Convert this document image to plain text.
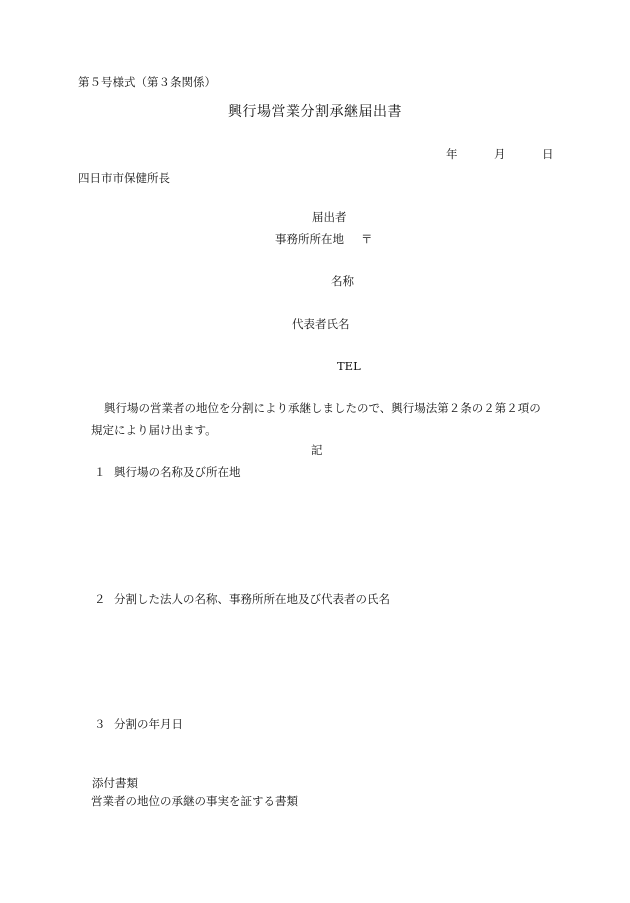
第５号様式（第３条関係）
興行場営業分割承継届出書
年	月	日
四日市市保健所長
届出者
事務所所在地 〒
名称
代表者氏名
TEL
興行場の営業者の地位を分割により承継しましたので、興行場法第２条の２第２項の
規定により届け出ます。
記
１ 興行場の名称及び所在地
２ 分割した法人の名称、事務所所在地及び代表者の氏名
３ 分割の年月日
添付書類
営業者の地位の承継の事実を証する書類
